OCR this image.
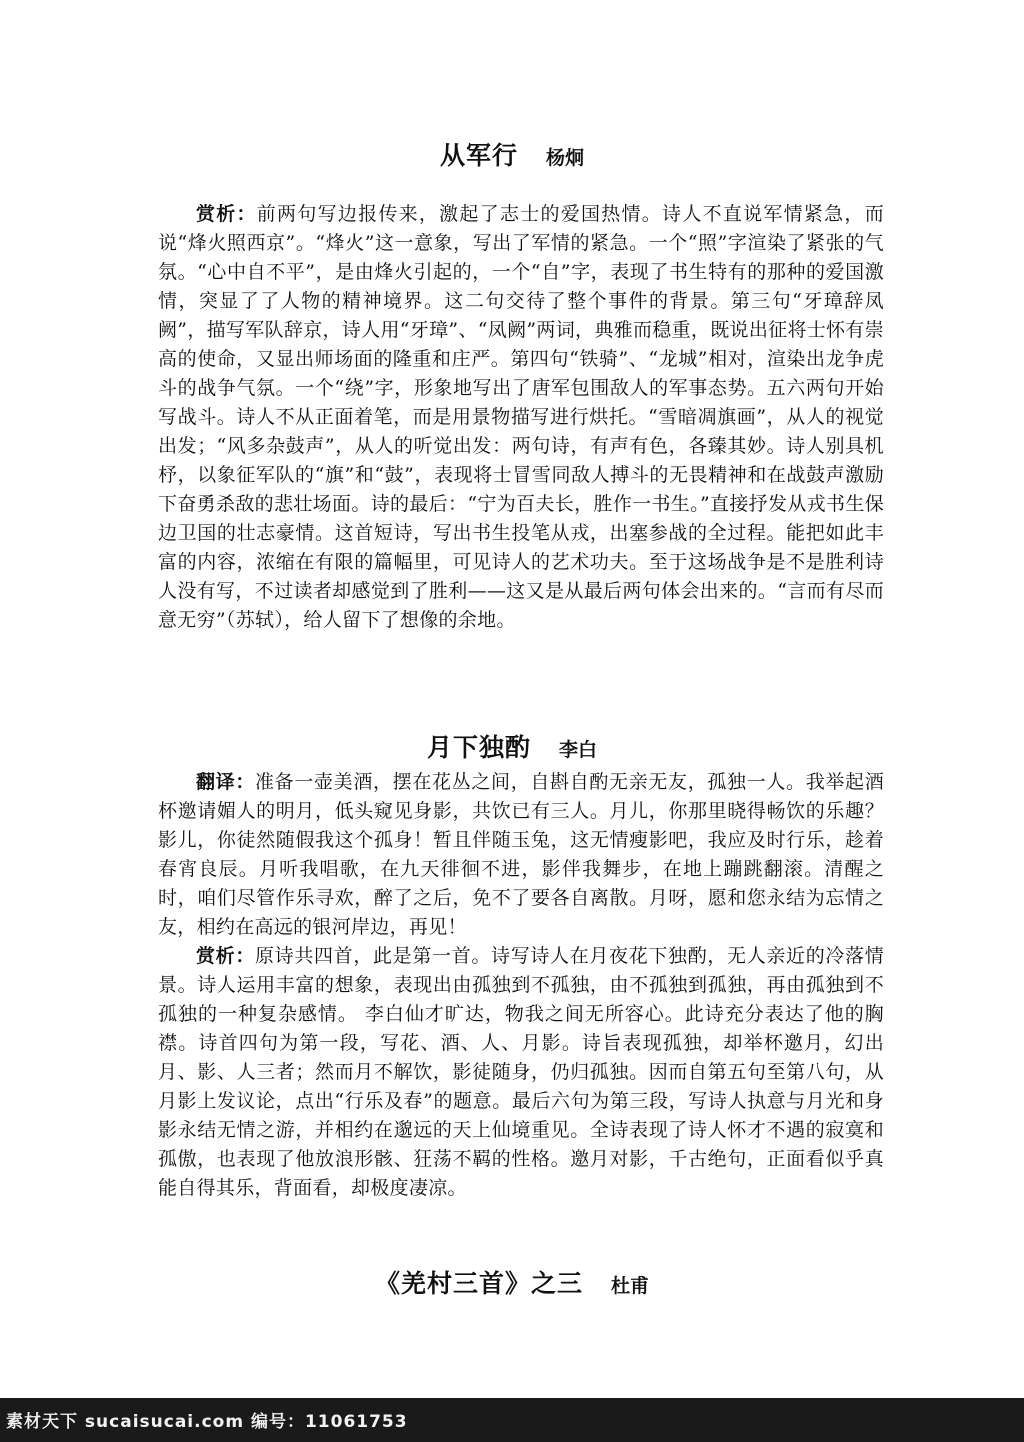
从军行 杨炯

赏析：前两句写边报传来，激起了志士的爱国热情。诗人不直说军情紧急，而说“烽火照西京”。“烽火”这一意象，写出了军情的紧急。一个“照”字渲染了紧张的气氛。“心中自不平”，是由烽火引起的，一个“自”字，表现了书生特有的那种的爱国激情，突显了了人物的精神境界。这二句交待了整个事件的背景。第三句“牙璋辞凤阙”，描写军队辞京，诗人用“牙璋”、“凤阙”两词，典雅而稳重，既说出征将士怀有崇高的使命，又显出师场面的隆重和庄严。第四句“铁骑”、“龙城”相对，渲染出龙争虎斗的战争气氛。一个“绕”字，形象地写出了唐军包围敌人的军事态势。五六两句开始写战斗。诗人不从正面着笔，而是用景物描写进行烘托。“雪暗凋旗画”，从人的视觉出发；“风多杂鼓声”，从人的听觉出发：两句诗，有声有色，各臻其妙。诗人别具机杼，以象征军队的“旗”和“鼓”，表现将士冒雪同敌人搏斗的无畏精神和在战鼓声激励下奋勇杀敌的悲壮场面。诗的最后：“宁为百夫长，胜作一书生。”直接抒发从戎书生保边卫国的壮志豪情。这首短诗，写出书生投笔从戎，出塞参战的全过程。能把如此丰富的内容，浓缩在有限的篇幅里，可见诗人的艺术功夫。至于这场战争是不是胜利诗人没有写，不过读者却感觉到了胜利——这又是从最后两句体会出来的。“言而有尽而意无穷”（苏轼），给人留下了想像的余地。

月下独酌 李白

翻译：准备一壶美酒，摆在花丛之间，自斟自酌无亲无友，孤独一人。我举起酒杯邀请媚人的明月，低头窥见身影，共饮已有三人。月儿，你那里晓得畅饮的乐趣？影儿，你徒然随假我这个孤身！暂且伴随玉兔，这无情瘦影吧，我应及时行乐，趁着春宵良辰。月听我唱歌，在九天徘徊不进，影伴我舞步，在地上蹦跳翻滚。清醒之时，咱们尽管作乐寻欢，醉了之后，免不了要各自离散。月呀，愿和您永结为忘情之友，相约在高远的银河岸边，再见！

赏析：原诗共四首，此是第一首。诗写诗人在月夜花下独酌，无人亲近的冷落情景。诗人运用丰富的想象，表现出由孤独到不孤独，由不孤独到孤独，再由孤独到不孤独的一种复杂感情。 李白仙才旷达，物我之间无所容心。此诗充分表达了他的胸襟。诗首四句为第一段，写花、酒、人、月影。诗旨表现孤独，却举杯邀月，幻出月、影、人三者；然而月不解饮，影徒随身，仍归孤独。因而自第五句至第八句，从月影上发议论，点出“行乐及春”的题意。最后六句为第三段，写诗人执意与月光和身影永结无情之游，并相约在邈远的天上仙境重见。全诗表现了诗人怀才不遇的寂寞和孤傲，也表现了他放浪形骸、狂荡不羁的性格。邀月对影，千古绝句，正面看似乎真能自得其乐，背面看，却极度凄凉。

《羌村三首》之三 杜甫
素材天下 sucaisucai.com 编号：11061753
